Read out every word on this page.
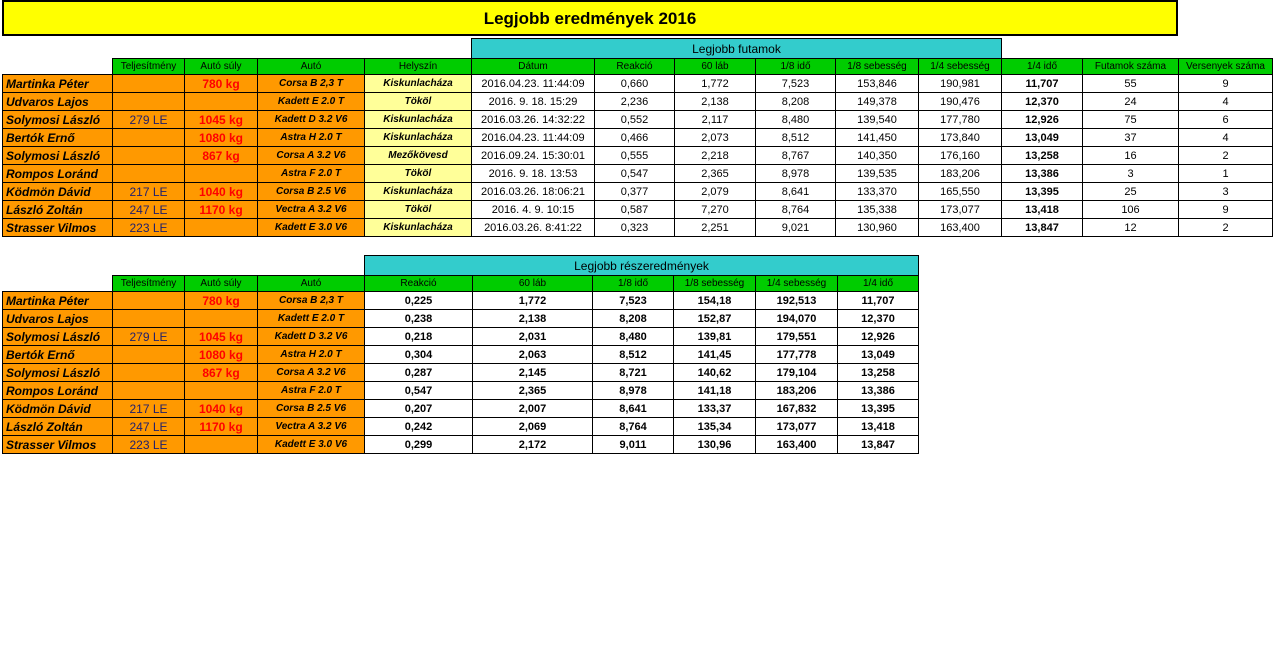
Legjobb eredmények 2016
					Legjobb futamok								
	Teljesítmény	Autó súly	Autó	Helyszín	Dátum	Reakció	60 láb	1/8 idő	1/8 sebesség	1/4 sebesség	1/4 idő	Futamok száma	Versenyek száma
Martinka Péter		780 kg	Corsa B 2,3 T	Kiskunlacháza	2016.04.23. 11:44:09	0,660	1,772	7,523	153,846	190,981	11,707	55	9
Udvaros Lajos			Kadett E 2.0 T	Tököl	2016. 9. 18. 15:29	2,236	2,138	8,208	149,378	190,476	12,370	24	4
Solymosi László	279 LE	1045 kg	Kadett D 3.2 V6	Kiskunlacháza	2016.03.26. 14:32:22	0,552	2,117	8,480	139,540	177,780	12,926	75	6
Bertók Ernő		1080 kg	Astra H 2.0 T	Kiskunlacháza	2016.04.23. 11:44:09	0,466	2,073	8,512	141,450	173,840	13,049	37	4
Solymosi László		867 kg	Corsa A 3.2 V6	Mezőkövesd	2016.09.24. 15:30:01	0,555	2,218	8,767	140,350	176,160	13,258	16	2
Rompos Loránd			Astra F 2.0 T	Tököl	2016. 9. 18. 13:53	0,547	2,365	8,978	139,535	183,206	13,386	3	1
Ködmön Dávid	217 LE	1040 kg	Corsa B 2.5 V6	Kiskunlacháza	2016.03.26. 18:06:21	0,377	2,079	8,641	133,370	165,550	13,395	25	3
László Zoltán	247 LE	1170 kg	Vectra A 3.2 V6	Tököl	2016. 4. 9. 10:15	0,587	7,270	8,764	135,338	173,077	13,418	106	9
Strasser Vilmos	223 LE		Kadett E 3.0 V6	Kiskunlacháza	2016.03.26. 8:41:22	0,323	2,251	9,021	130,960	163,400	13,847	12	2
				Legjobb részeredmények					
	Teljesítmény	Autó súly	Autó	Reakció	60 láb	1/8 idő	1/8 sebesség	1/4 sebesség	1/4 idő
Martinka Péter		780 kg	Corsa B 2,3 T	0,225	1,772	7,523	154,18	192,513	11,707
Udvaros Lajos			Kadett E 2.0 T	0,238	2,138	8,208	152,87	194,070	12,370
Solymosi László	279 LE	1045 kg	Kadett D 3.2 V6	0,218	2,031	8,480	139,81	179,551	12,926
Bertók Ernő		1080 kg	Astra H 2.0 T	0,304	2,063	8,512	141,45	177,778	13,049
Solymosi László		867 kg	Corsa A 3.2 V6	0,287	2,145	8,721	140,62	179,104	13,258
Rompos Loránd			Astra F 2.0 T	0,547	2,365	8,978	141,18	183,206	13,386
Ködmön Dávid	217 LE	1040 kg	Corsa B 2.5 V6	0,207	2,007	8,641	133,37	167,832	13,395
László Zoltán	247 LE	1170 kg	Vectra A 3.2 V6	0,242	2,069	8,764	135,34	173,077	13,418
Strasser Vilmos	223 LE		Kadett E 3.0 V6	0,299	2,172	9,011	130,96	163,400	13,847
